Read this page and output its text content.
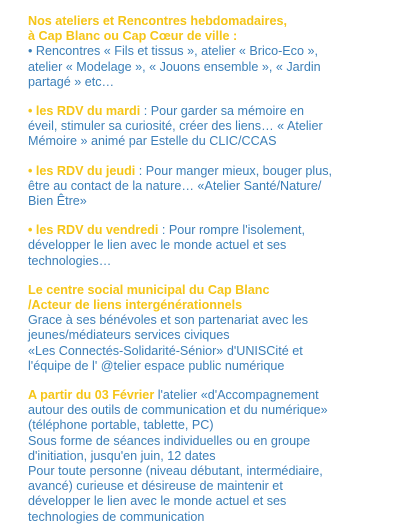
Nos ateliers et Rencontres hebdomadaires,
à Cap Blanc ou Cap Cœur de ville :
• Rencontres « Fils et tissus », atelier « Brico-Eco »,
atelier « Modelage », « Jouons ensemble », « Jardin
partagé » etc…
• les RDV du mardi : Pour garder sa mémoire en
éveil, stimuler sa curiosité, créer des liens… « Atelier
Mémoire » animé par Estelle du CLIC/CCAS
• les RDV du jeudi : Pour manger mieux, bouger plus,
être au contact de la nature… «Atelier Santé/Nature/
Bien Être»
• les RDV du vendredi : Pour rompre l'isolement,
développer le lien avec le monde actuel et ses
technologies…
Le centre social municipal du Cap Blanc
/Acteur de liens intergénérationnels
Grace à ses bénévoles et son partenariat avec les
jeunes/médiateurs services civiques
«Les Connectés-Solidarité-Sénior» d'UNISCité et
l'équipe de l' @telier espace public numérique
A partir du 03 Février l'atelier «d'Accompagnement
autour des outils de communication et du numérique»
(téléphone portable, tablette, PC)
Sous forme de séances individuelles ou en groupe
d'initiation, jusqu'en juin, 12 dates
Pour toute personne (niveau débutant, intermédiaire,
avancé) curieuse et désireuse de maintenir et
développer le lien avec le monde actuel et ses
technologies de communication
